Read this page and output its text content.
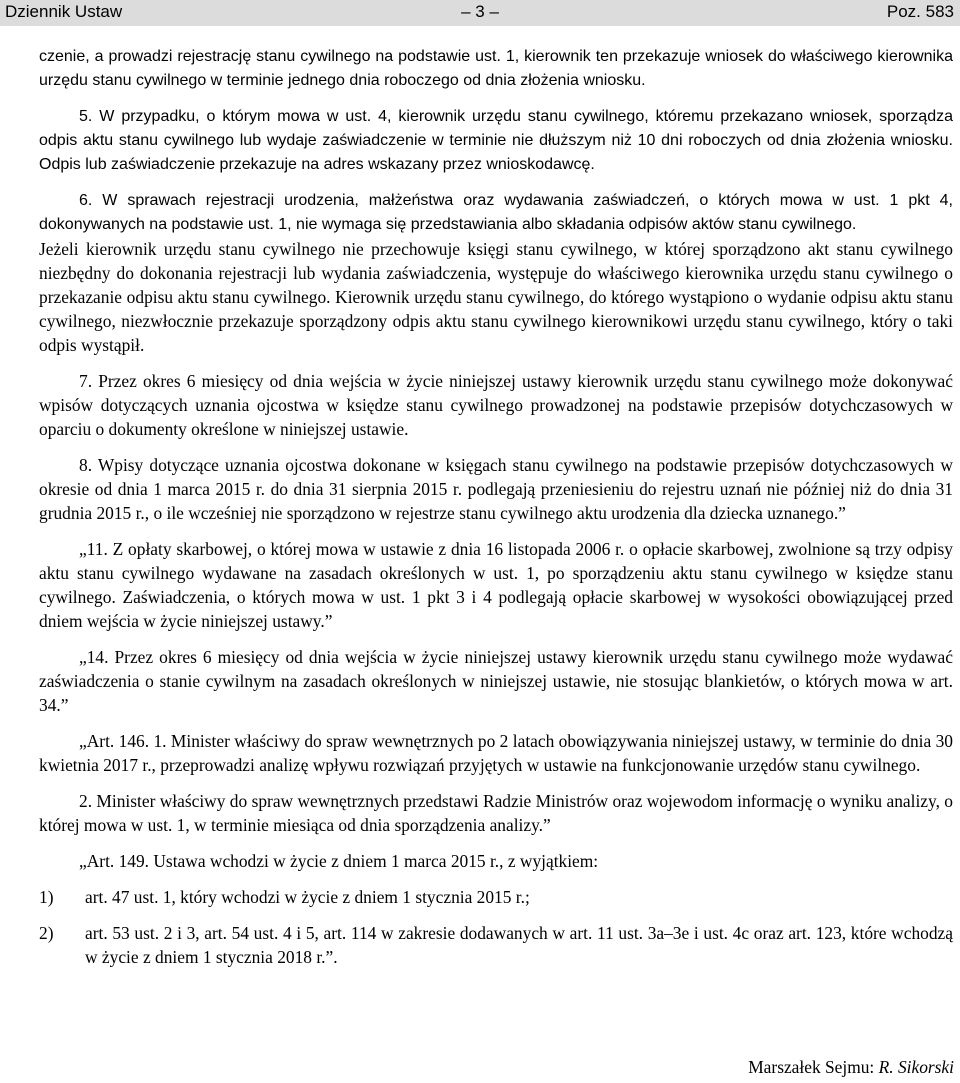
Dziennik Ustaw	– 3 –	Poz. 583

czenie, a prowadzi rejestrację stanu cywilnego na podstawie ust. 1, kierownik ten przekazuje wniosek do właściwego kierownika urzędu stanu cywilnego w terminie jednego dnia roboczego od dnia złożenia wniosku.

5. W przypadku, o którym mowa w ust. 4, kierownik urzędu stanu cywilnego, któremu przekazano wniosek, sporządza odpis aktu stanu cywilnego lub wydaje zaświadczenie w terminie nie dłuższym niż 10 dni roboczych od dnia złożenia wniosku. Odpis lub zaświadczenie przekazuje na adres wskazany przez wnioskodawcę.

6. W sprawach rejestracji urodzenia, małżeństwa oraz wydawania zaświadczeń, o których mowa w ust. 1 pkt 4, dokonywanych na podstawie ust. 1, nie wymaga się przedstawiania albo składania odpisów aktów stanu cywilnego.

Jeżeli kierownik urzędu stanu cywilnego nie przechowuje księgi stanu cywilnego, w której sporządzono akt stanu cywilnego niezbędny do dokonania rejestracji lub wydania zaświadczenia, występuje do właściwego kierownika urzędu stanu cywilnego o przekazanie odpisu aktu stanu cywilnego. Kierownik urzędu stanu cywilnego, do którego wystąpiono o wydanie odpisu aktu stanu cywilnego, niezwłocznie przekazuje sporządzony odpis aktu stanu cywilnego kierownikowi urzędu stanu cywilnego, który o taki odpis wystąpił.

7. Przez okres 6 miesięcy od dnia wejścia w życie niniejszej ustawy kierownik urzędu stanu cywilnego może dokonywać wpisów dotyczących uznania ojcostwa w księdze stanu cywilnego prowadzonej na podstawie przepisów dotychczasowych w oparciu o dokumenty określone w niniejszej ustawie.

8. Wpisy dotyczące uznania ojcostwa dokonane w księgach stanu cywilnego na podstawie przepisów dotychczasowych w okresie od dnia 1 marca 2015 r. do dnia 31 sierpnia 2015 r. podlegają przeniesieniu do rejestru uznań nie później niż do dnia 31 grudnia 2015 r., o ile wcześniej nie sporządzono w rejestrze stanu cywilnego aktu urodzenia dla dziecka uznanego.”

„11. Z opłaty skarbowej, o której mowa w ustawie z dnia 16 listopada 2006 r. o opłacie skarbowej, zwolnione są trzy odpisy aktu stanu cywilnego wydawane na zasadach określonych w ust. 1, po sporządzeniu aktu stanu cywilnego w księdze stanu cywilnego. Zaświadczenia, o których mowa w ust. 1 pkt 3 i 4 podlegają opłacie skarbowej w wysokości obowiązującej przed dniem wejścia w życie niniejszej ustawy.”

„14. Przez okres 6 miesięcy od dnia wejścia w życie niniejszej ustawy kierownik urzędu stanu cywilnego może wydawać zaświadczenia o stanie cywilnym na zasadach określonych w niniejszej ustawie, nie stosując blankietów, o których mowa w art. 34.”

„Art. 146. 1. Minister właściwy do spraw wewnętrznych po 2 latach obowiązywania niniejszej ustawy, w terminie do dnia 30 kwietnia 2017 r., przeprowadzi analizę wpływu rozwiązań przyjętych w ustawie na funkcjonowanie urzędów stanu cywilnego.

2. Minister właściwy do spraw wewnętrznych przedstawi Radzie Ministrów oraz wojewodom informację o wyniku analizy, o której mowa w ust. 1, w terminie miesiąca od dnia sporządzenia analizy.”

„Art. 149. Ustawa wchodzi w życie z dniem 1 marca 2015 r., z wyjątkiem:

1) art. 47 ust. 1, który wchodzi w życie z dniem 1 stycznia 2015 r.;

2) art. 53 ust. 2 i 3, art. 54 ust. 4 i 5, art. 114 w zakresie dodawanych w art. 11 ust. 3a–3e i ust. 4c oraz art. 123, które wchodzą w życie z dniem 1 stycznia 2018 r.”.

Marszałek Sejmu: R. Sikorski
